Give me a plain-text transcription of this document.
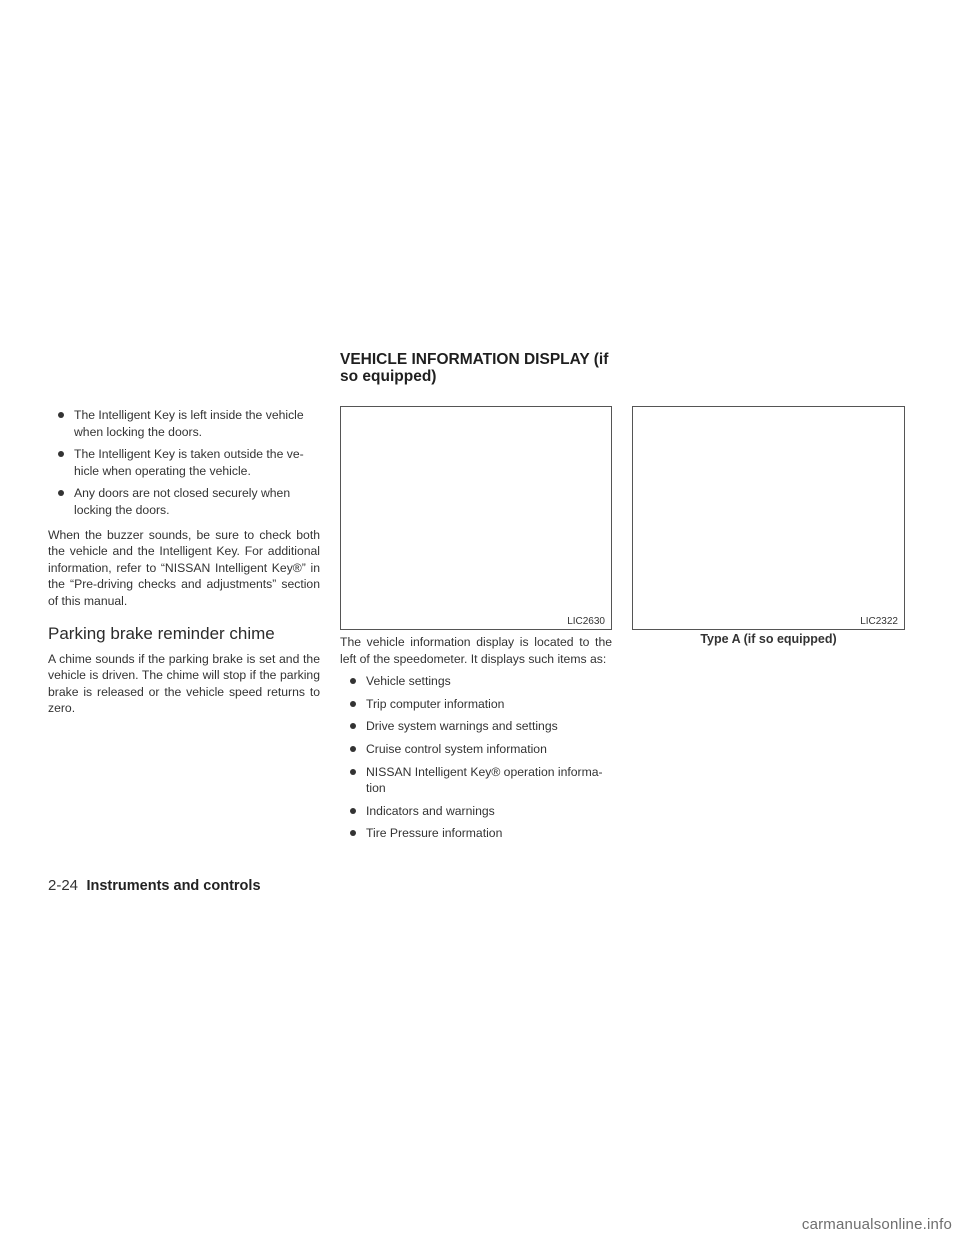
VEHICLE INFORMATION DISPLAY (if

so equipped)

The Intelligent Key is left inside the vehicle when locking the doors.
The Intelligent Key is taken outside the ve-hicle when operating the vehicle.
Any doors are not closed securely when locking the doors.

When the buzzer sounds, be sure to check both the vehicle and the Intelligent Key. For additional information, refer to “NISSAN Intelligent Key®” in the “Pre-driving checks and adjustments” section of this manual.

Parking brake reminder chime

A chime sounds if the parking brake is set and the vehicle is driven. The chime will stop if the parking brake is released or the vehicle speed returns to zero.

LIC2630	LIC2322
Type A (if so equipped)

The vehicle information display is located to the left of the speedometer. It displays such items as:

Vehicle settings
Trip computer information
Drive system warnings and settings
Cruise control system information
NISSAN Intelligent Key® operation informa-tion
Indicators and warnings
Tire Pressure information
2-24 Instruments and controls
carmanualsonline.info
